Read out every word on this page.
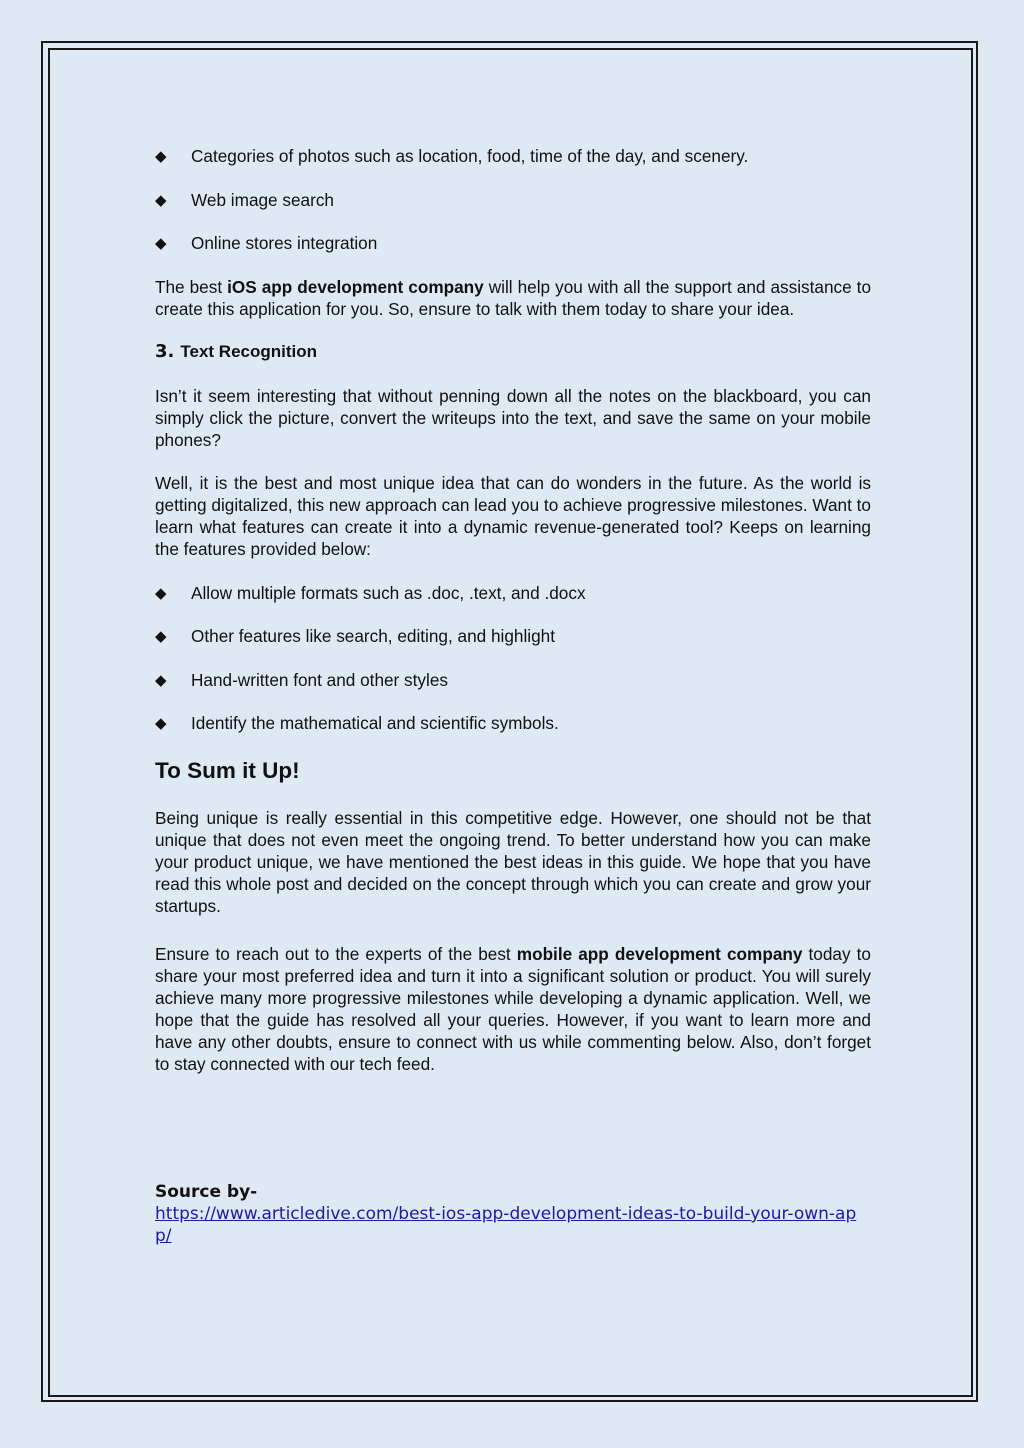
◆ Categories of photos such as location, food, time of the day, and scenery.
◆ Web image search
◆ Online stores integration

The best iOS app development company will help you with all the support and assistance to create this application for you. So, ensure to talk with them today to share your idea.

3. Text Recognition

Isn’t it seem interesting that without penning down all the notes on the blackboard, you can simply click the picture, convert the writeups into the text, and save the same on your mobile phones?

Well, it is the best and most unique idea that can do wonders in the future. As the world is getting digitalized, this new approach can lead you to achieve progressive milestones. Want to learn what features can create it into a dynamic revenue-generated tool? Keeps on learning the features provided below:

◆ Allow multiple formats such as .doc, .text, and .docx
◆ Other features like search, editing, and highlight
◆ Hand-written font and other styles
◆ Identify the mathematical and scientific symbols.
To Sum it Up!

Being unique is really essential in this competitive edge. However, one should not be that unique that does not even meet the ongoing trend. To better understand how you can make your product unique, we have mentioned the best ideas in this guide. We hope that you have read this whole post and decided on the concept through which you can create and grow your startups.

Ensure to reach out to the experts of the best mobile app development company today to share your most preferred idea and turn it into a significant solution or product. You will surely achieve many more progressive milestones while developing a dynamic application. Well, we hope that the guide has resolved all your queries. However, if you want to learn more and have any other doubts, ensure to connect with us while commenting below. Also, don’t forget to stay connected with our tech feed.

Source by-
https://www.articledive.com/best-ios-app-development-ideas-to-build-your-own-app/
